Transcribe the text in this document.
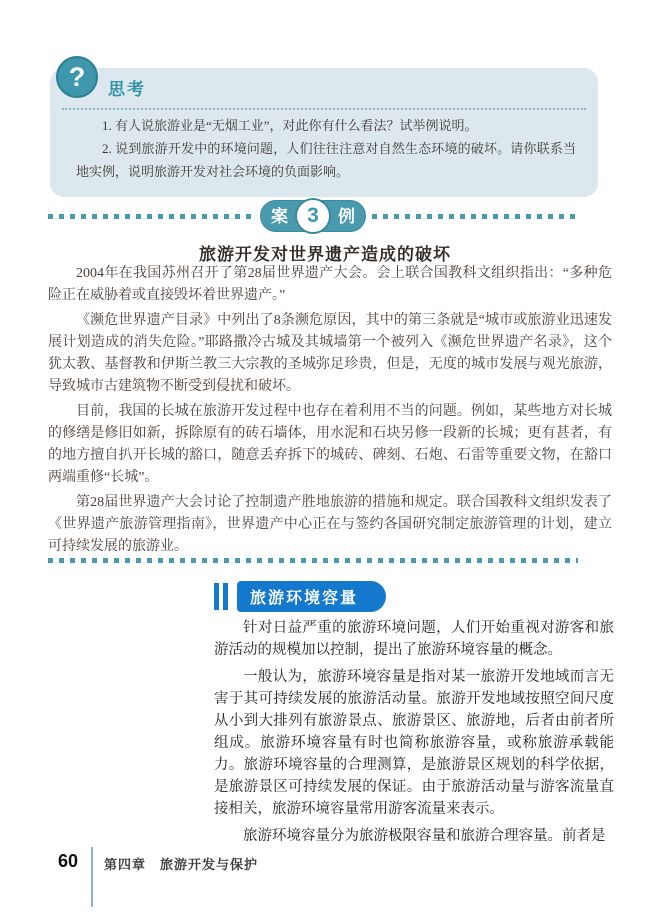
?	思考

1. 有人说旅游业是“无烟工业”，对此你有什么看法？试举例说明。

2. 说到旅游开发中的环境问题，人们往往注意对自然生态环境的破坏。请你联系当地实例，说明旅游开发对社会环境的负面影响。

案 3	例
旅游开发对世界遗产造成的破坏

2004年在我国苏州召开了第28届世界遗产大会。会上联合国教科文组织指出：“多种危险正在威胁着或直接毁坏着世界遗产。”

《濒危世界遗产目录》中列出了8条濒危原因，其中的第三条就是“城市或旅游业迅速发展计划造成的消失危险。”耶路撒冷古城及其城墙第一个被列入《濒危世界遗产名录》，这个犹太教、基督教和伊斯兰教三大宗教的圣城弥足珍贵，但是，无度的城市发展与观光旅游，导致城市古建筑物不断受到侵扰和破坏。

目前，我国的长城在旅游开发过程中也存在着利用不当的问题。例如，某些地方对长城的修缮是修旧如新，拆除原有的砖石墙体，用水泥和石块另修一段新的长城；更有甚者，有的地方擅自扒开长城的豁口，随意丢弃拆下的城砖、碑刻、石炮、石雷等重要文物，在豁口两端重修“长城”。

第28届世界遗产大会讨论了控制遗产胜地旅游的措施和规定。联合国教科文组织发表了《世界遗产旅游管理指南》，世界遗产中心正在与签约各国研究制定旅游管理的计划，建立可持续发展的旅游业。

旅游环境容量

针对日益严重的旅游环境问题，人们开始重视对游客和旅游活动的规模加以控制，提出了旅游环境容量的概念。

一般认为，旅游环境容量是指对某一旅游开发地域而言无害于其可持续发展的旅游活动量。旅游开发地域按照空间尺度从小到大排列有旅游景点、旅游景区、旅游地，后者由前者所组成。旅游环境容量有时也简称旅游容量，或称旅游承载能力。旅游环境容量的合理测算，是旅游景区规划的科学依据，是旅游景区可持续发展的保证。由于旅游活动量与游客流量直接相关，旅游环境容量常用游客流量来表示。

旅游环境容量分为旅游极限容量和旅游合理容量。前者是

60 第四章　旅游开发与保护
